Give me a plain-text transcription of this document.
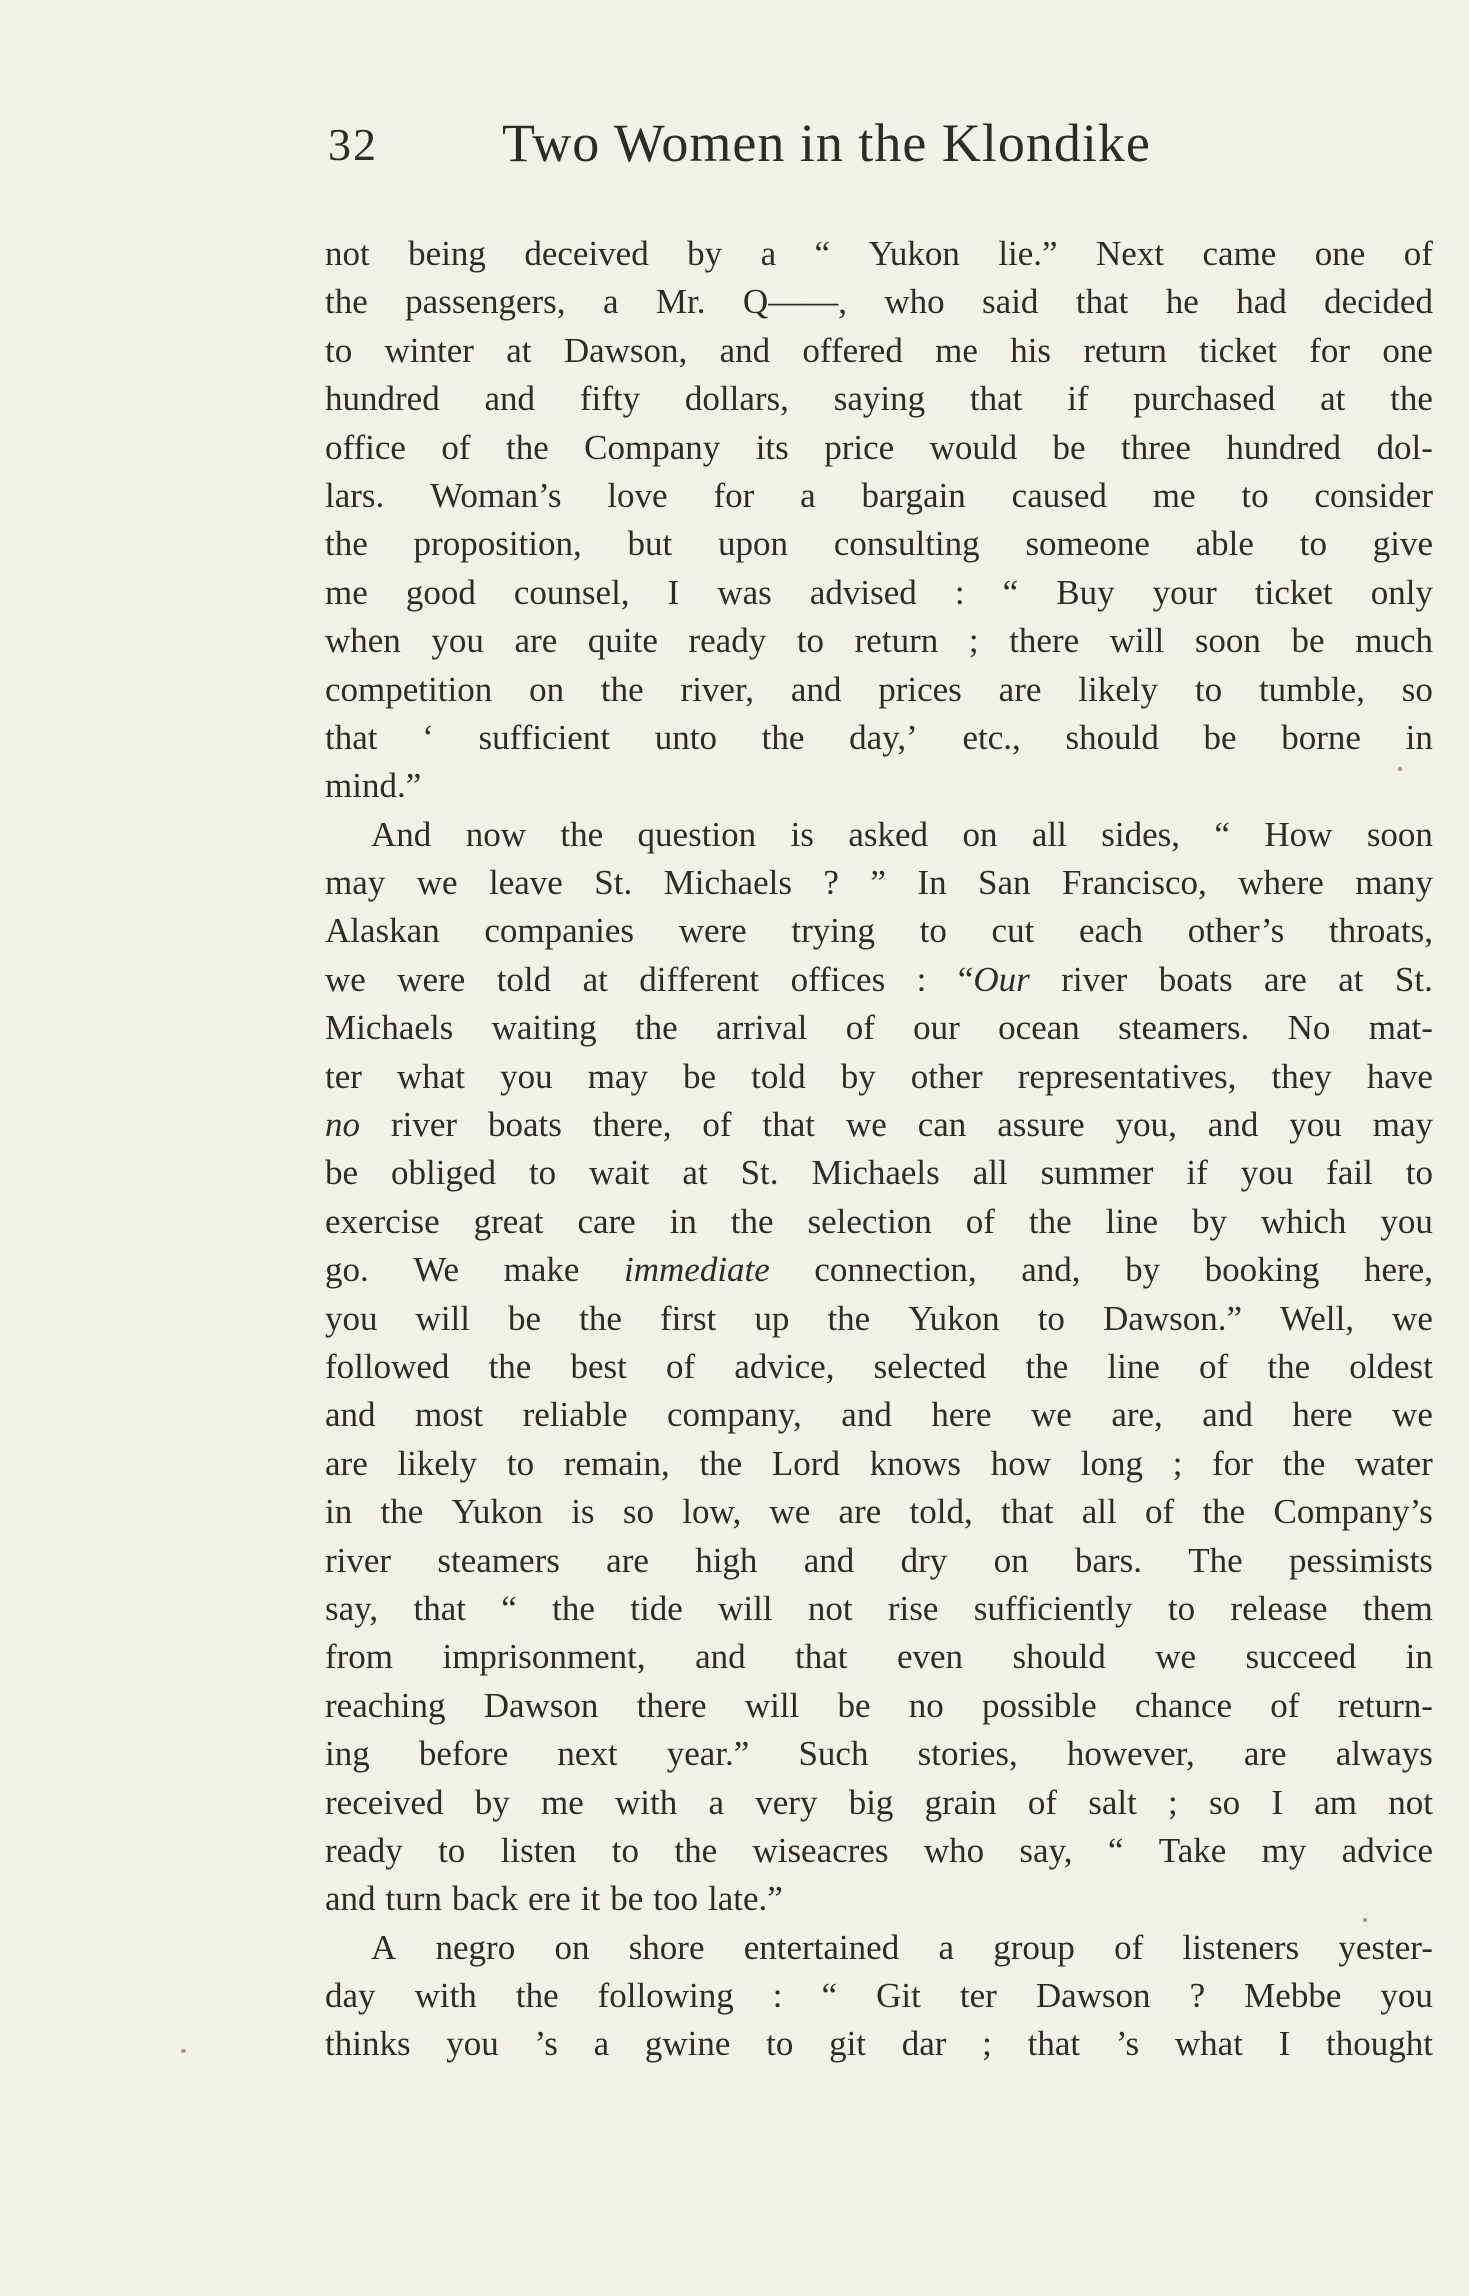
32 Two Women in the Klondike
not being deceived by a “ Yukon lie.” Next came one of
the passengers, a Mr. Q——, who said that he had decided
to winter at Dawson, and offered me his return ticket for one
hundred and fifty dollars, saying that if purchased at the
office of the Company its price would be three hundred dol-
lars. Woman’s love for a bargain caused me to consider
the proposition, but upon consulting someone able to give
me good counsel, I was advised : “ Buy your ticket only
when you are quite ready to return ; there will soon be much
competition on the river, and prices are likely to tumble, so
that ‘ sufficient unto the day,’ etc., should be borne in
mind.”
And now the question is asked on all sides, “ How soon
may we leave St. Michaels ? ” In San Francisco, where many
Alaskan companies were trying to cut each other’s throats,
we were told at different offices : “Our river boats are at St.
Michaels waiting the arrival of our ocean steamers. No mat-
ter what you may be told by other representatives, they have
no river boats there, of that we can assure you, and you may
be obliged to wait at St. Michaels all summer if you fail to
exercise great care in the selection of the line by which you
go. We make immediate connection, and, by booking here,
you will be the first up the Yukon to Dawson.” Well, we
followed the best of advice, selected the line of the oldest
and most reliable company, and here we are, and here we
are likely to remain, the Lord knows how long ; for the water
in the Yukon is so low, we are told, that all of the Company’s
river steamers are high and dry on bars. The pessimists
say, that “ the tide will not rise sufficiently to release them
from imprisonment, and that even should we succeed in
reaching Dawson there will be no possible chance of return-
ing before next year.” Such stories, however, are always
received by me with a very big grain of salt ; so I am not
ready to listen to the wiseacres who say, “ Take my advice
and turn back ere it be too late.”
A negro on shore entertained a group of listeners yester-
day with the following : “ Git ter Dawson ? Mebbe you
thinks you ’s a gwine to git dar ; that ’s what I thought
